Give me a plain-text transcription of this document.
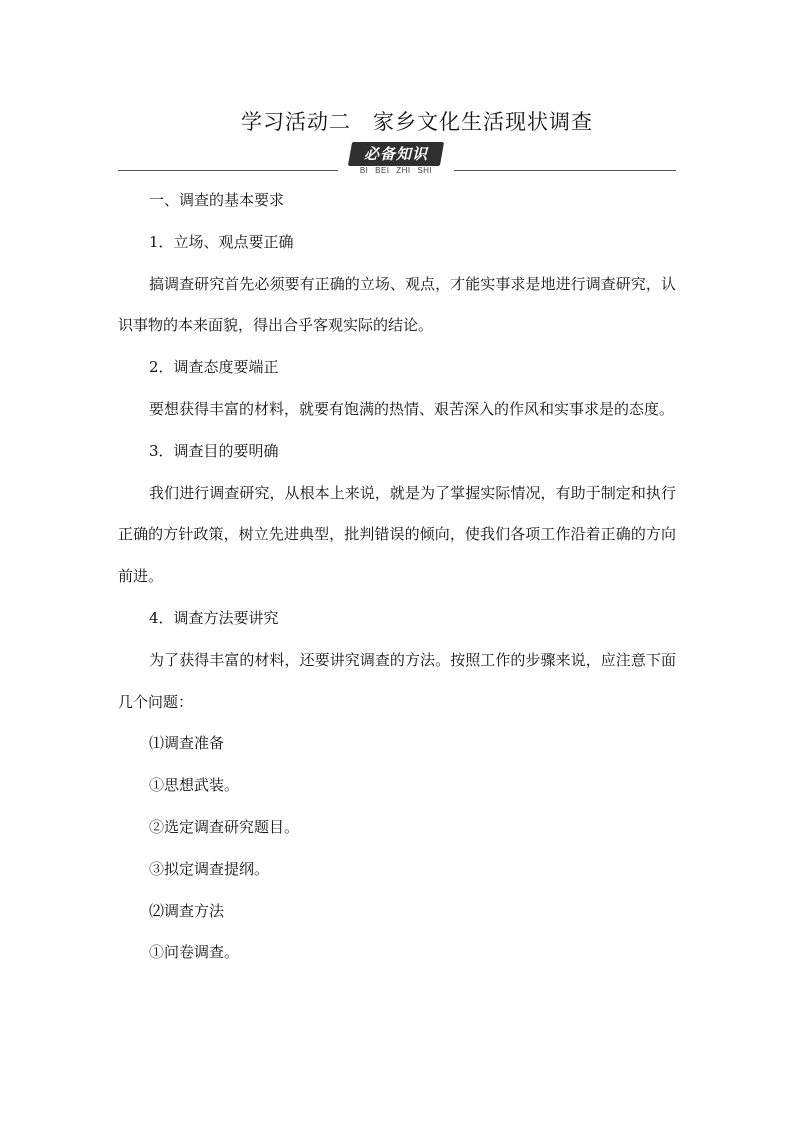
学习活动二　家乡文化生活现状调查
必备知识
BI BEI ZHI SHI

一、调查的基本要求

1．立场、观点要正确

搞调查研究首先必须要有正确的立场、观点，才能实事求是地进行调查研究，认识事物的本来面貌，得出合乎客观实际的结论。

2．调查态度要端正

要想获得丰富的材料，就要有饱满的热情、艰苦深入的作风和实事求是的态度。

3．调查目的要明确

我们进行调查研究，从根本上来说，就是为了掌握实际情况，有助于制定和执行正确的方针政策，树立先进典型，批判错误的倾向，使我们各项工作沿着正确的方向前进。

4．调查方法要讲究

为了获得丰富的材料，还要讲究调查的方法。按照工作的步骤来说，应注意下面几个问题：

⑴调查准备

①思想武装。

②选定调查研究题目。

③拟定调查提纲。

⑵调查方法

①问卷调查。
